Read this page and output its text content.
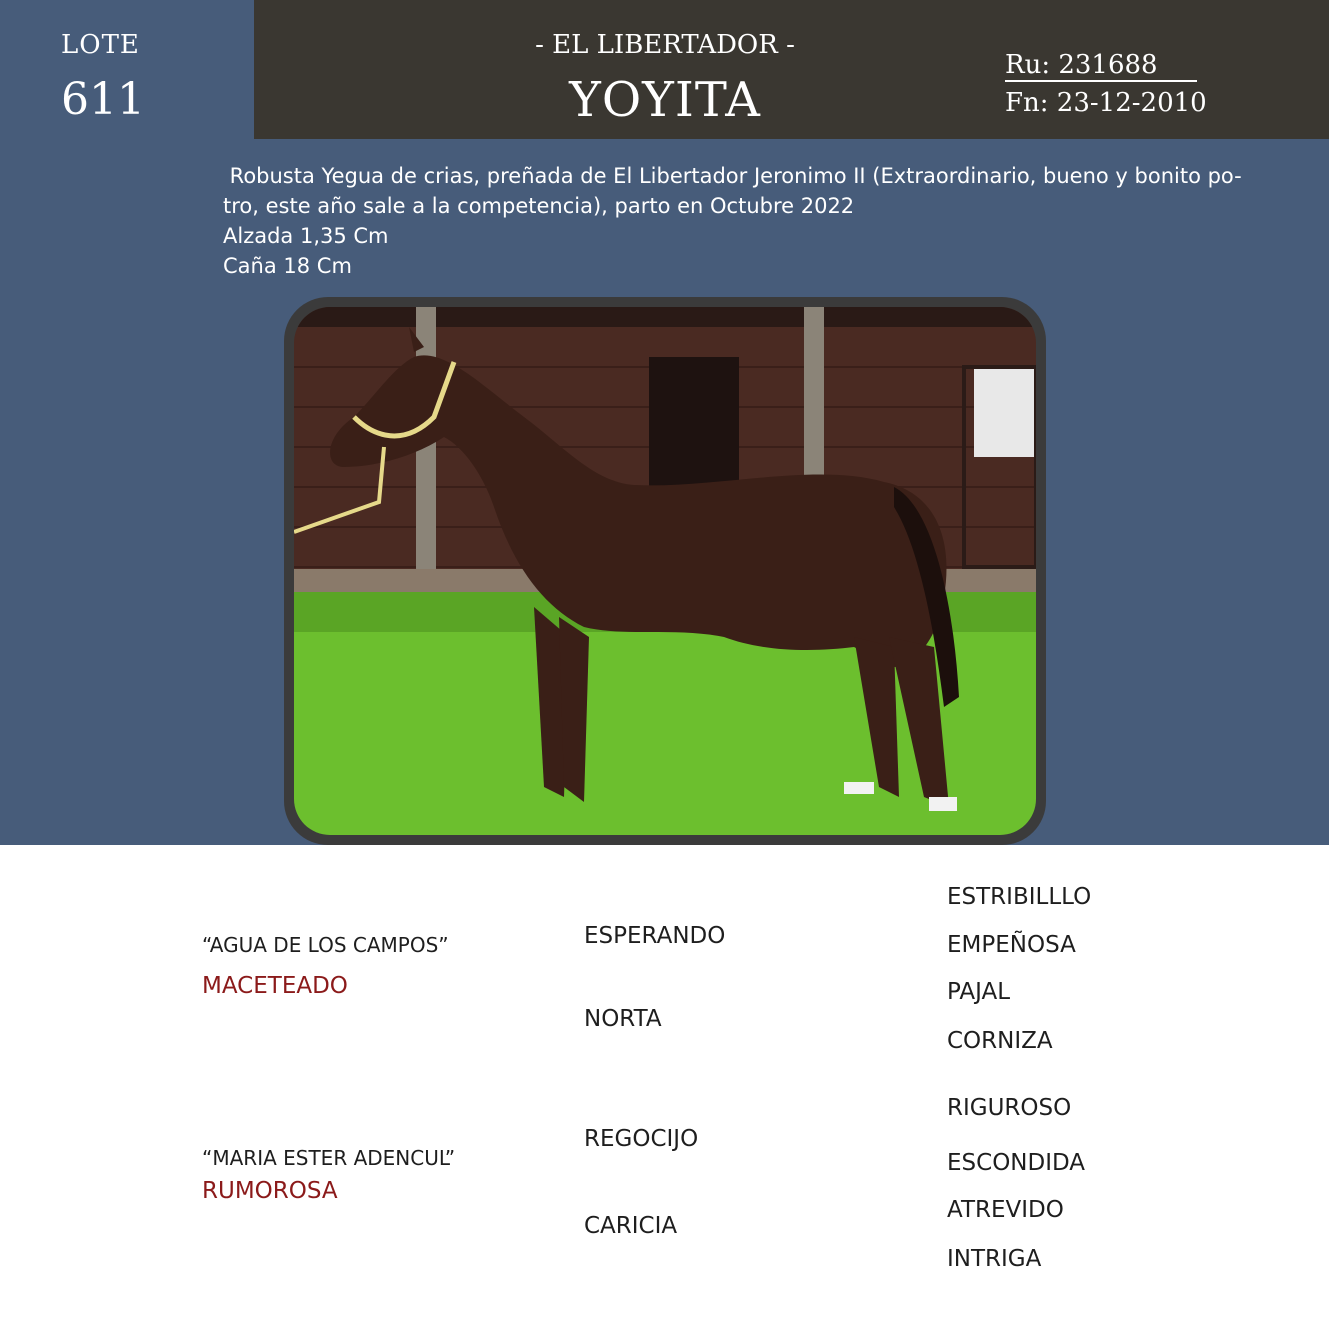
LOTE
611
- EL LIBERTADOR -
YOYITA
Ru: 231688
Fn: 23-12-2010

Robusta Yegua de crias, preñada de El Libertador Jeronimo II (Extraordinario, bueno y bonito po-

tro, este año sale a la competencia), parto en Octubre 2022

Alzada 1,35 Cm

Caña 18 Cm

“AGUA DE LOS CAMPOS”
MACETEADO
“MARIA ESTER ADENCUL”
RUMOROSA
ESPERANDO
NORTA
REGOCIJO
CARICIA
ESTRIBILLLO
EMPEÑOSA
PAJAL
CORNIZA
RIGUROSO
ESCONDIDA
ATREVIDO
INTRIGA
